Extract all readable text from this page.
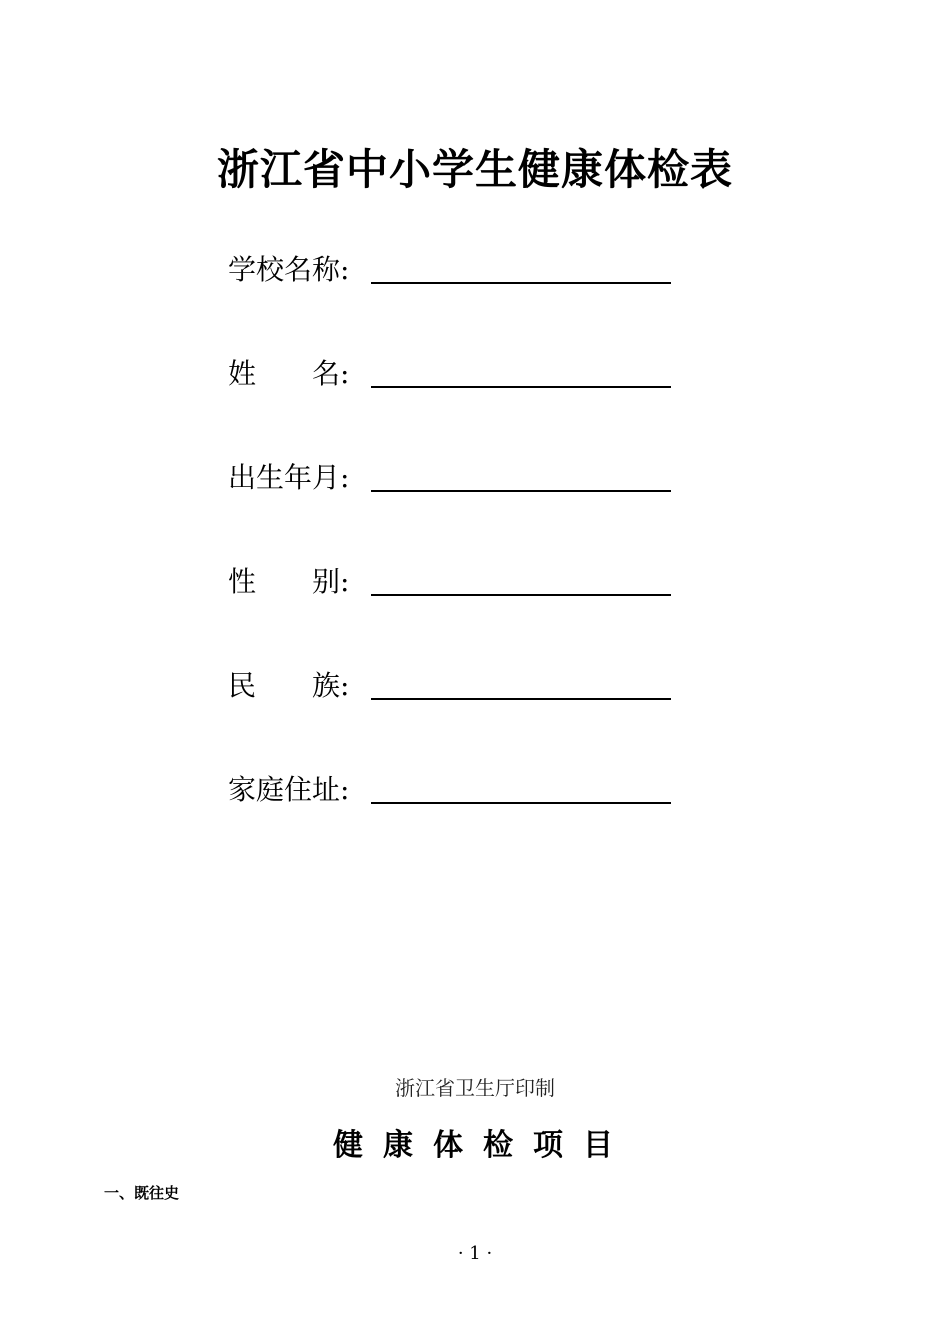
浙江省中小学生健康体检表
学校名称 :
姓　　名 :
出生年月 :
性　　别 :
民　　族 :
家庭住址 :
浙江省卫生厅印制
健康体检项目
一、既往史
· 1 ·
